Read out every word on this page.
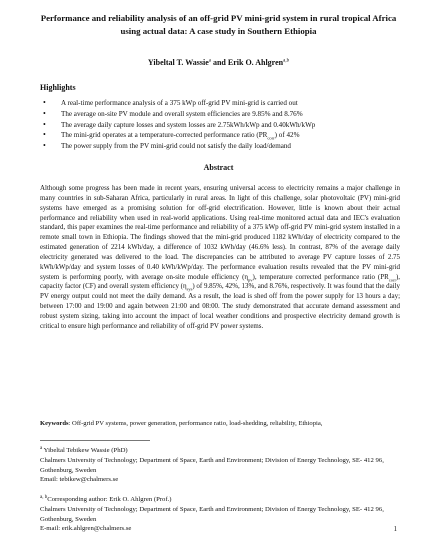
Performance and reliability analysis of an off-grid PV mini-grid system in rural tropical Africa using actual data: A case study in Southern Ethiopia
Yibeltal T. Wassie$^a$ and Erik O. Ahlgren$^{a,b}$
Highlights
• A real-time performance analysis of a 375 kWp off-grid PV mini-grid is carried out
• The average on-site PV module and overall system efficiencies are 9.85% and 8.76%
• The average daily capture losses and system losses are 2.75kWh/kWp and 0.40kWh/kWp
• The mini-grid operates at a temperature-corrected performance ratio $(PR_{corr})$ of 42%
• The power supply from the PV mini-grid could not satisfy the daily load/demand
Abstract

Although some progress has been made in recent years, ensuring universal access to electricity remains a major challenge in many countries in sub-Saharan Africa, particularly in rural areas. In light of this challenge, solar photovoltaic (PV) mini-grid systems have emerged as a promising solution for off-grid electrification. However, little is known about their actual performance and reliability when used in real-world applications. Using real-time monitored actual data and IEC's evaluation standard, this paper examines the real-time performance and reliability of a 375 kWp off-grid PV mini-grid system installed in a remote small town in Ethiopia. The findings showed that the mini-grid produced 1182 kWh/day of electricity compared to the estimated generation of 2214 kWh/day, a difference of 1032 kWh/day (46.6% less). In contrast, 87% of the average daily electricity generated was delivered to the load. The discrepancies can be attributed to average PV capture losses of 2.75 kWh/kWp/day and system losses of 0.40 kWh/kWp/day. The performance evaluation results revealed that the PV mini-grid system is performing poorly, with average on-site module efficiency $(\eta_{pv})$, temperature corrected performance ratio $(PR_{corr})$, capacity factor (CF) and overall system efficiency $(\eta_{sys})$ of 9.85%, 42%, 13%, and 8.76%, respectively. It was found that the daily PV energy output could not meet the daily demand. As a result, the load is shed off from the power supply for 13 hours a day; between 17:00 and 19:00 and again between 21:00 and 08:00. The study demonstrated that accurate demand assessment and robust system sizing, taking into account the impact of local weather conditions and prospective electricity demand growth is critical to ensure high performance and reliability of off-grid PV power systems.

Keywords: Off-grid PV systems, power generation, performance ratio, load-shedding, reliability, Ethiopia,

$^a$ Yibeltal Tebikew Wassie (PhD)
Chalmers University of Technology; Department of Space, Earth and Environment; Division of Energy Technology, SE- 412 96, Gothenburg, Sweden
Email: tebikew@chalmers.se

$^{a, b}$Corresponding author: Erik O. Ahlgren (Prof.)
Chalmers University of Technology; Department of Space, Earth and Environment; Division of Energy Technology, SE- 412 96, Gothenburg, Sweden
E-mail: erik.ahlgren@chalmers.se	1
